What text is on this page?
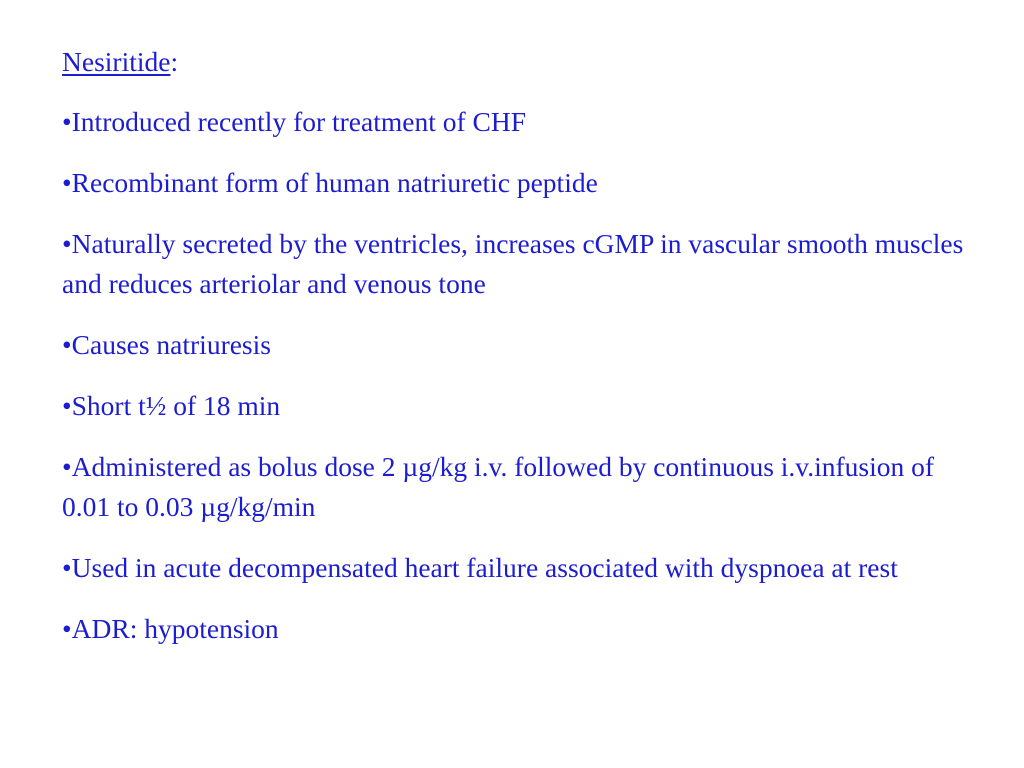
Nesiritide:
•Introduced recently for treatment of CHF
•Recombinant form of human natriuretic peptide
•Naturally secreted by the ventricles, increases cGMP in vascular smooth muscles and reduces arteriolar and venous tone
•Causes natriuresis
•Short t½ of 18 min
•Administered as bolus dose 2 µg/kg i.v. followed by continuous i.v.infusion of 0.01 to 0.03 µg/kg/min
•Used in acute decompensated heart failure associated with dyspnoea at rest
•ADR: hypotension
